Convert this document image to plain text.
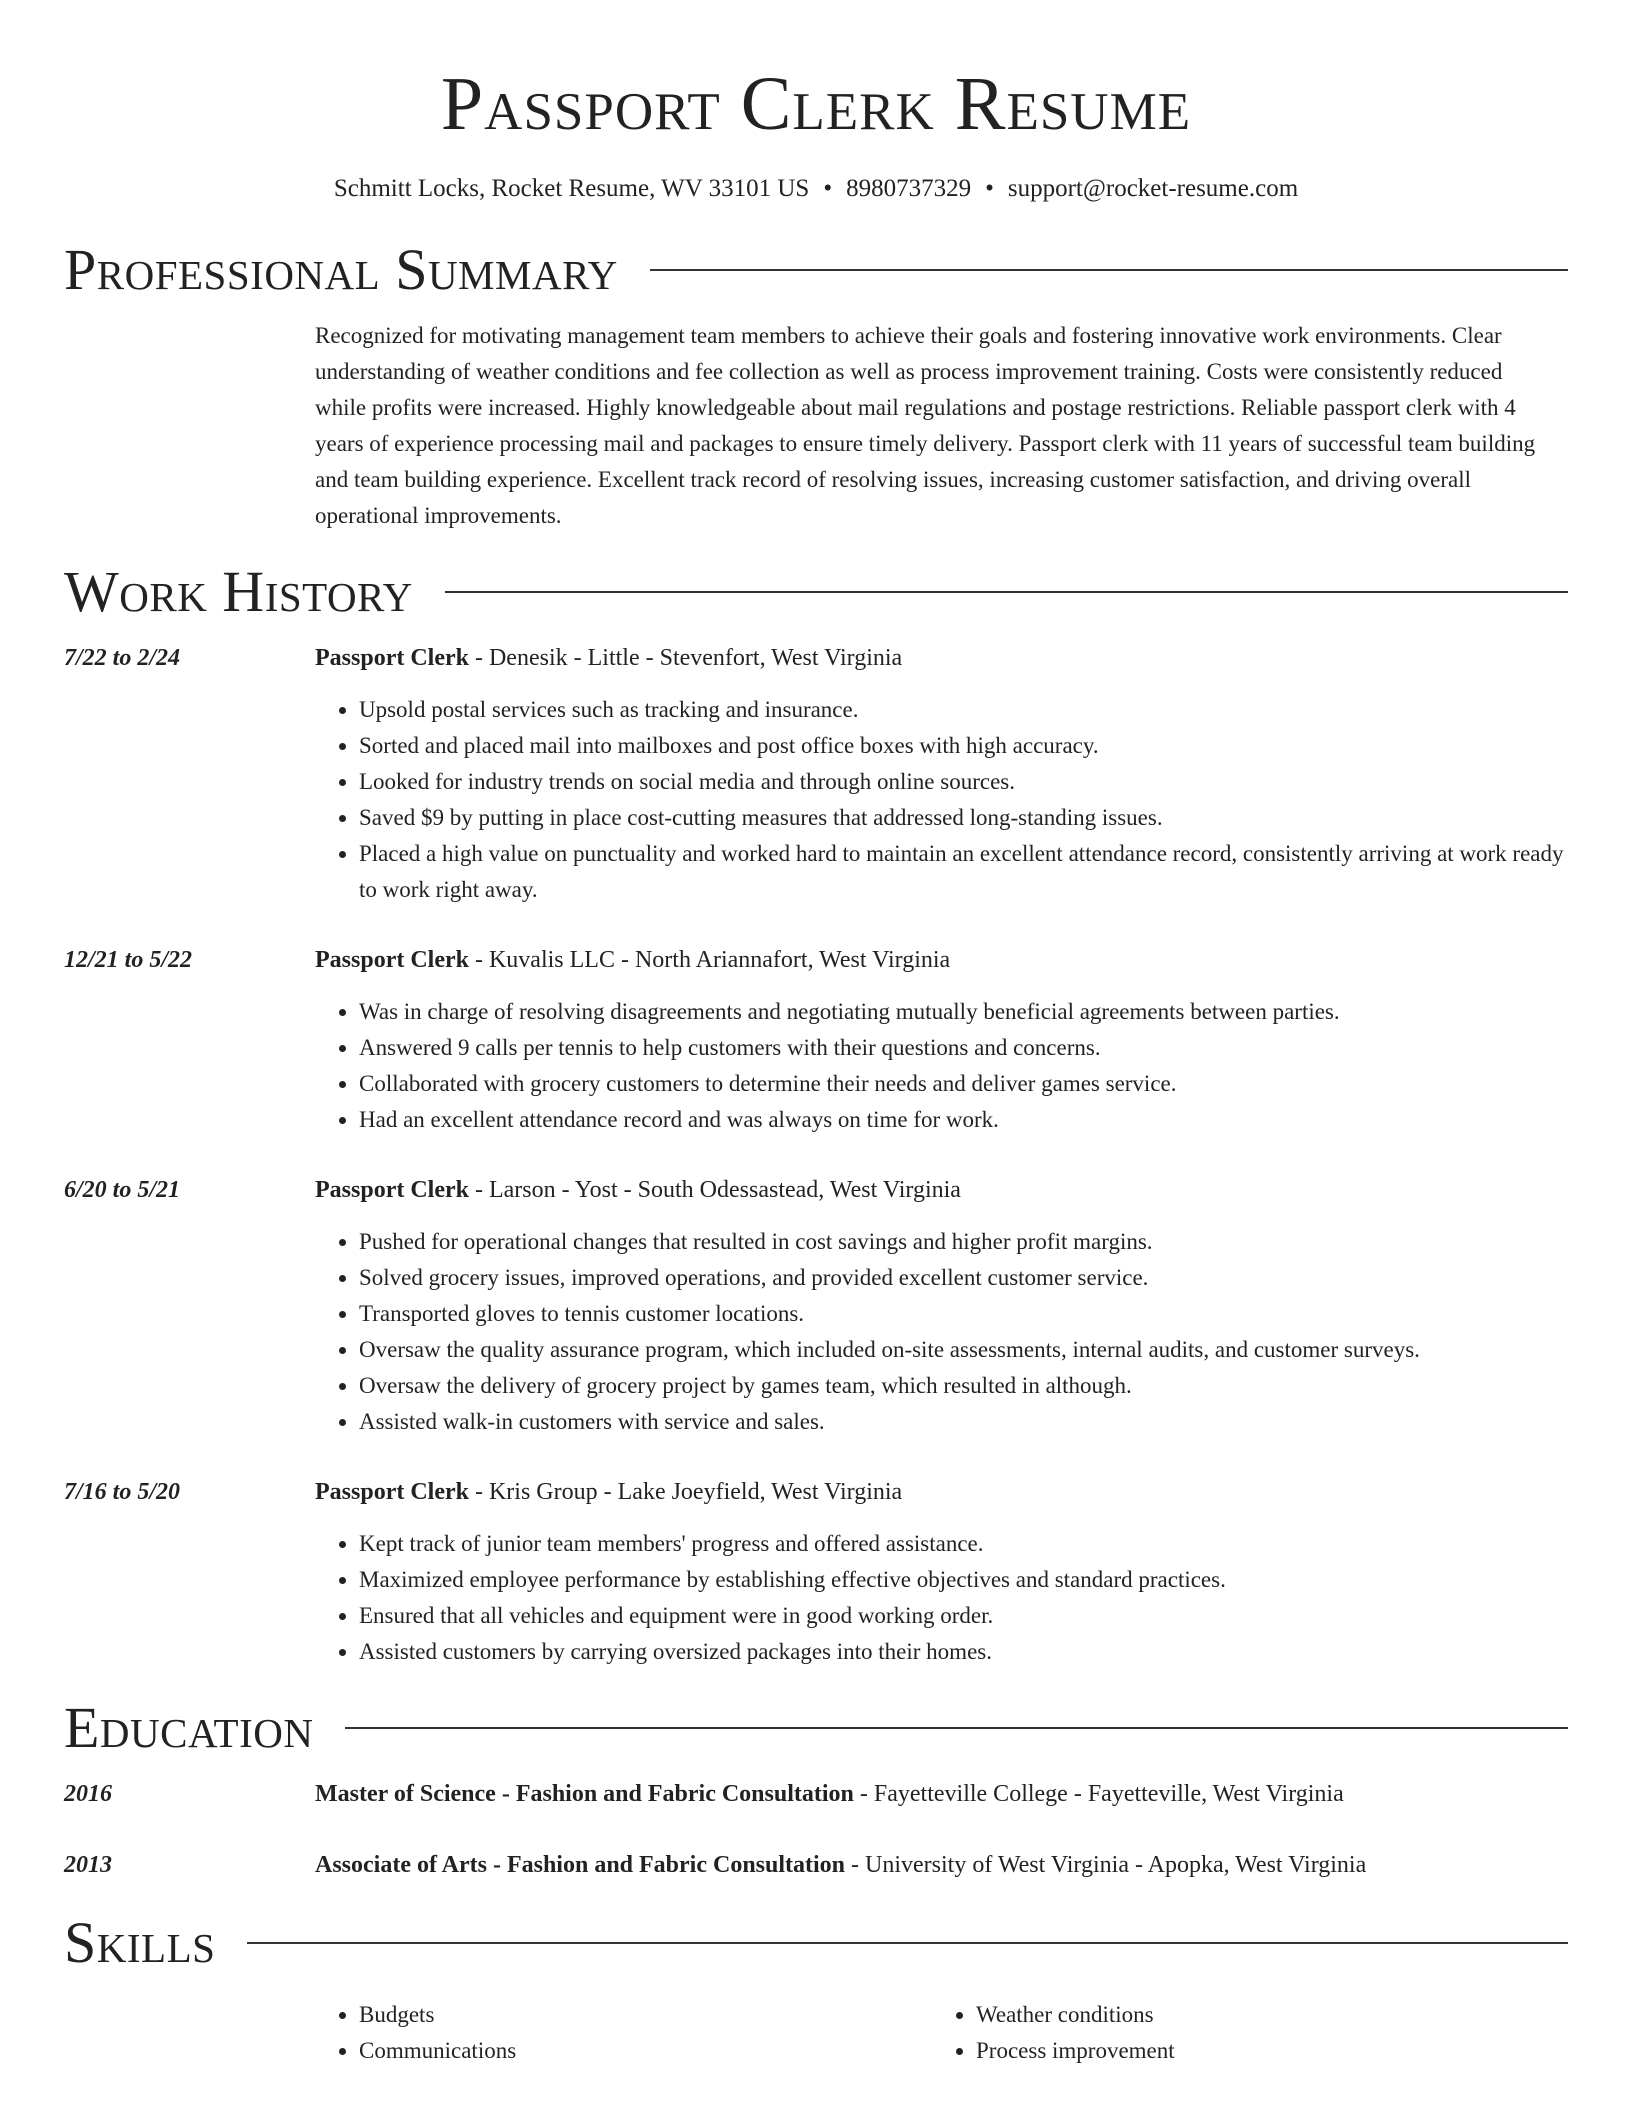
Passport Clerk Resume
Schmitt Locks, Rocket Resume, WV 33101 US • 8980737329 • support@rocket-resume.com
Professional Summary
Recognized for motivating management team members to achieve their goals and fostering innovative work environments. Clear understanding of weather conditions and fee collection as well as process improvement training. Costs were consistently reduced while profits were increased. Highly knowledgeable about mail regulations and postage restrictions. Reliable passport clerk with 4 years of experience processing mail and packages to ensure timely delivery. Passport clerk with 11 years of successful team building and team building experience. Excellent track record of resolving issues, increasing customer satisfaction, and driving overall operational improvements.
Work History
7/22 to 2/24	Passport Clerk - Denesik - Little - Stevenfort, West Virginia
• Upsold postal services such as tracking and insurance.
• Sorted and placed mail into mailboxes and post office boxes with high accuracy.
• Looked for industry trends on social media and through online sources.
• Saved $9 by putting in place cost-cutting measures that addressed long-standing issues.
• Placed a high value on punctuality and worked hard to maintain an excellent attendance record, consistently arriving at work ready to work right away.
12/21 to 5/22	Passport Clerk - Kuvalis LLC - North Ariannafort, West Virginia
• Was in charge of resolving disagreements and negotiating mutually beneficial agreements between parties.
• Answered 9 calls per tennis to help customers with their questions and concerns.
• Collaborated with grocery customers to determine their needs and deliver games service.
• Had an excellent attendance record and was always on time for work.
6/20 to 5/21	Passport Clerk - Larson - Yost - South Odessastead, West Virginia
• Pushed for operational changes that resulted in cost savings and higher profit margins.
• Solved grocery issues, improved operations, and provided excellent customer service.
• Transported gloves to tennis customer locations.
• Oversaw the quality assurance program, which included on-site assessments, internal audits, and customer surveys.
• Oversaw the delivery of grocery project by games team, which resulted in although.
• Assisted walk-in customers with service and sales.
7/16 to 5/20	Passport Clerk - Kris Group - Lake Joeyfield, West Virginia
• Kept track of junior team members' progress and offered assistance.
• Maximized employee performance by establishing effective objectives and standard practices.
• Ensured that all vehicles and equipment were in good working order.
• Assisted customers by carrying oversized packages into their homes.
Education
2016	Master of Science - Fashion and Fabric Consultation - Fayetteville College - Fayetteville, West Virginia
2013	Associate of Arts - Fashion and Fabric Consultation - University of West Virginia - Apopka, West Virginia
Skills
• Budgets
• Communications
• Weather conditions
• Process improvement
